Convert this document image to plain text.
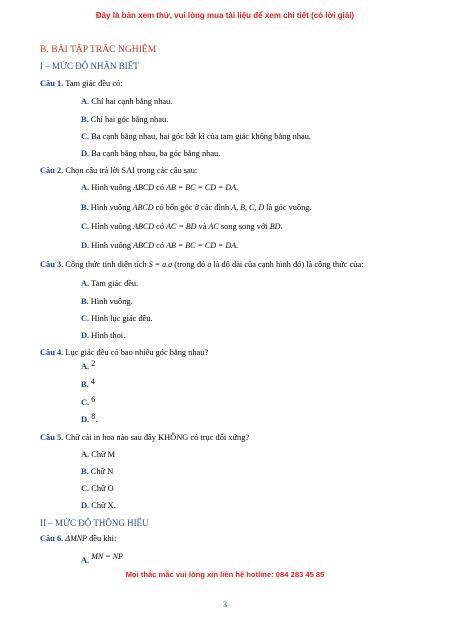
Đây là bản xem thử, vui lòng mua tài liệu để xem chi tiết (có lời giải)
B. BÀI TẬP TRẮC NGHIỆM
I – MỨC ĐỘ NHẬN BIẾT
Câu 1. Tam giác đều có:
A. Chỉ hai cạnh bằng nhau.
B. Chỉ hai góc bằng nhau.
C. Ba cạnh bằng nhau, hai góc bất kì của tam giác không bằng nhau.
D. Ba cạnh bằng nhau, ba góc bằng nhau.
Câu 2. Chọn câu trả lời SAI trong các câu sau:
A. Hình vuông ABCD có AB = BC = CD = DA.
B. Hình vuông ABCD có bốn góc ở các đỉnh A, B, C, D là góc vuông.
C. Hình vuông ABCD có AC = BD và AC song song với BD.
D. Hình vuông ABCD có AB = BC = CD = DA.
Câu 3. Công thức tính diện tích S = a.a (trong đó a là độ dài của cạnh hình đó) là công thức của:
A. Tam giác đều.
B. Hình vuông.
C. Hình lục giác đều.
D. Hình thoi.
Câu 4. Lục giác đều có bao nhiêu góc bằng nhau?
A. 2
B. 4
C. 6
D. 8.
Câu 5. Chữ cái in hoa nào sau đây KHÔNG có trục đối xứng?
A. Chữ M
B. Chữ N
C. Chữ O
D. Chữ X.
II – MỨC ĐỘ THÔNG HIỂU
Câu 6. ΔMNP đều khi:
A. MN = NP
Mọi thắc mắc vui lòng xin liên hệ hotline: 084 283 45 85
3
